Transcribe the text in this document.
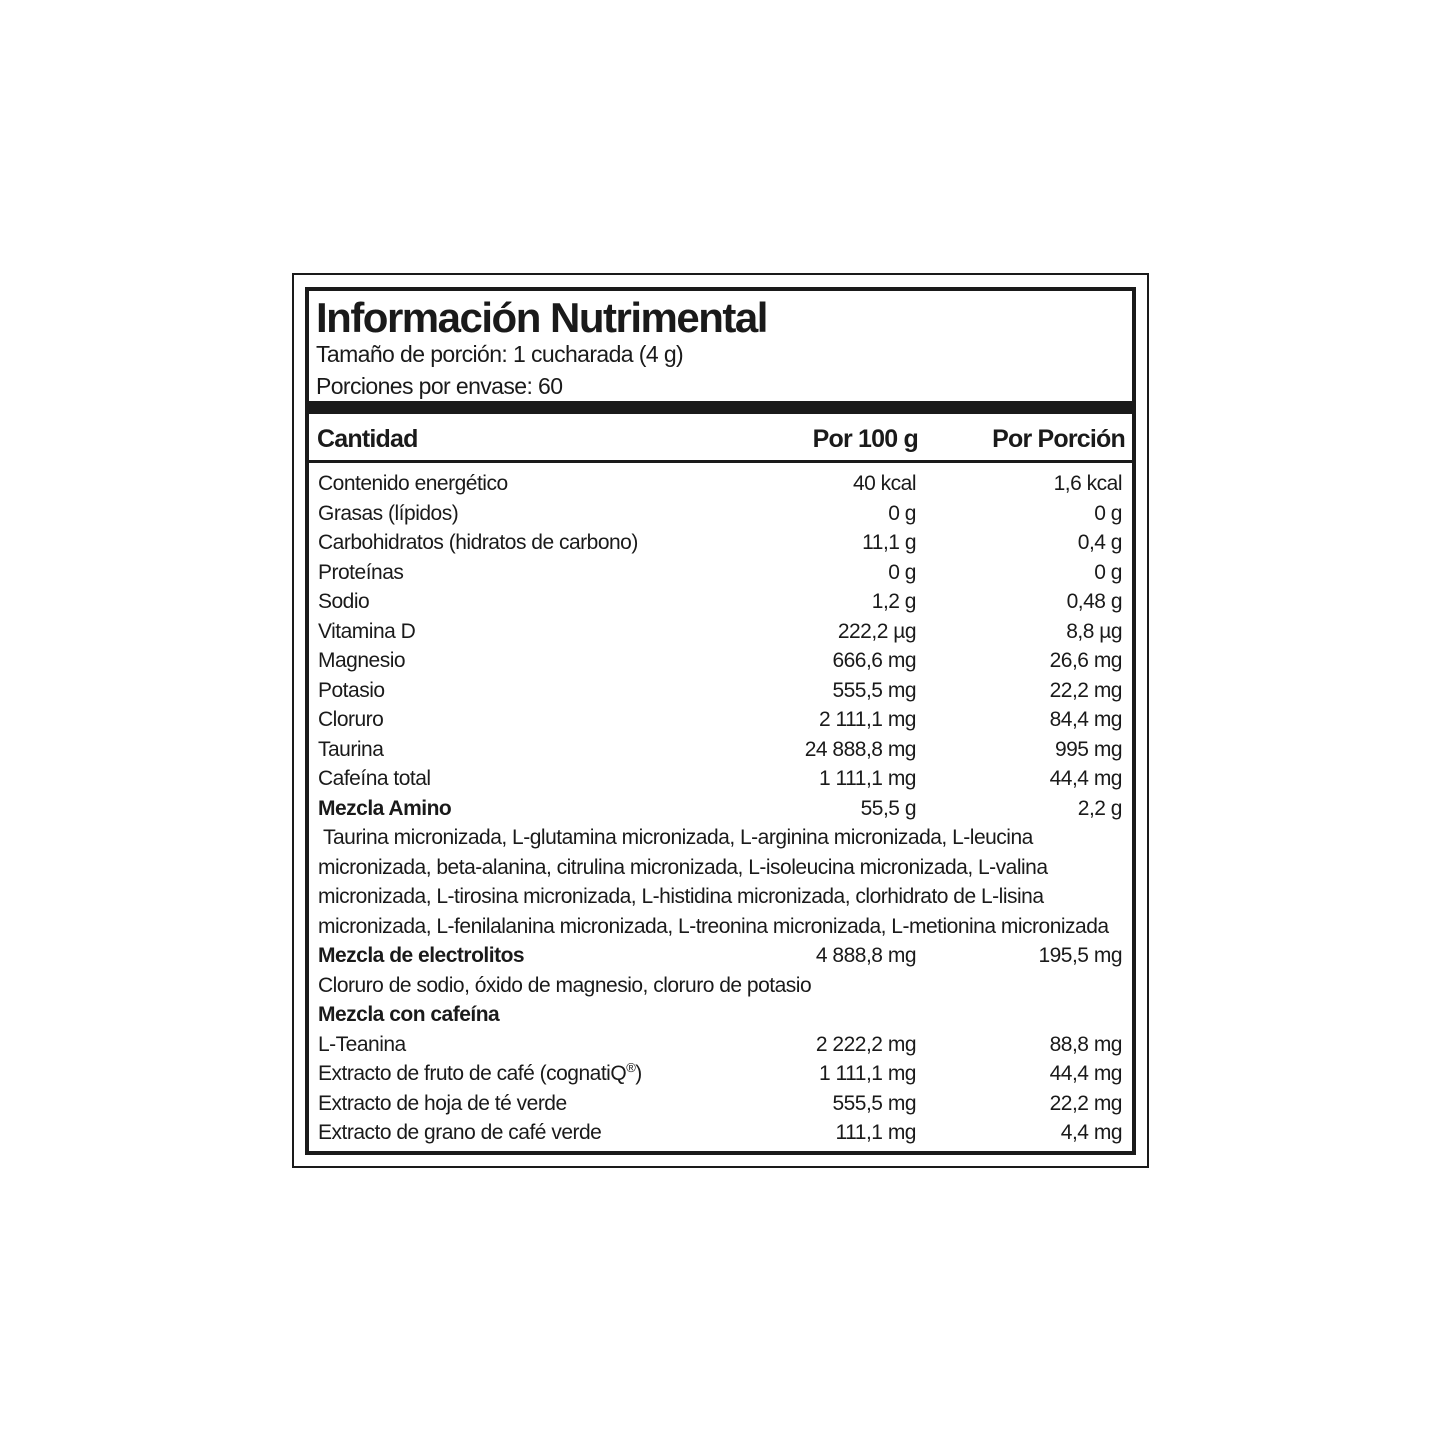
Información Nutrimental
Tamaño de porción: 1 cucharada (4 g)
Porciones por envase: 60
Cantidad	Por 100 g	Por Porción
Contenido energético	40 kcal	1,6 kcal
Grasas (lípidos)	0 g	0 g
Carbohidratos (hidratos de carbono)	11,1 g	0,4 g
Proteínas	0 g	0 g
Sodio	1,2 g	0,48 g
Vitamina D	222,2 µg	8,8 µg
Magnesio	666,6 mg	26,6 mg
Potasio	555,5 mg	22,2 mg
Cloruro	2 111,1 mg	84,4 mg
Taurina	24 888,8 mg	995 mg
Cafeína total	1 111,1 mg	44,4 mg
Mezcla Amino	55,5 g	2,2 g
Taurina micronizada, L-glutamina micronizada, L-arginina micronizada, L-leucina
micronizada, beta-alanina, citrulina micronizada, L-isoleucina micronizada, L-valina
micronizada, L-tirosina micronizada, L-histidina micronizada, clorhidrato de L-lisina
micronizada, L-fenilalanina micronizada, L-treonina micronizada, L-metionina micronizada
Mezcla de electrolitos	4 888,8 mg	195,5 mg
Cloruro de sodio, óxido de magnesio, cloruro de potasio
Mezcla con cafeína
L-Teanina	2 222,2 mg	88,8 mg
Extracto de fruto de café (cognatiQ®)	1 111,1 mg	44,4 mg
Extracto de hoja de té verde	555,5 mg	22,2 mg
Extracto de grano de café verde	111,1 mg	4,4 mg
